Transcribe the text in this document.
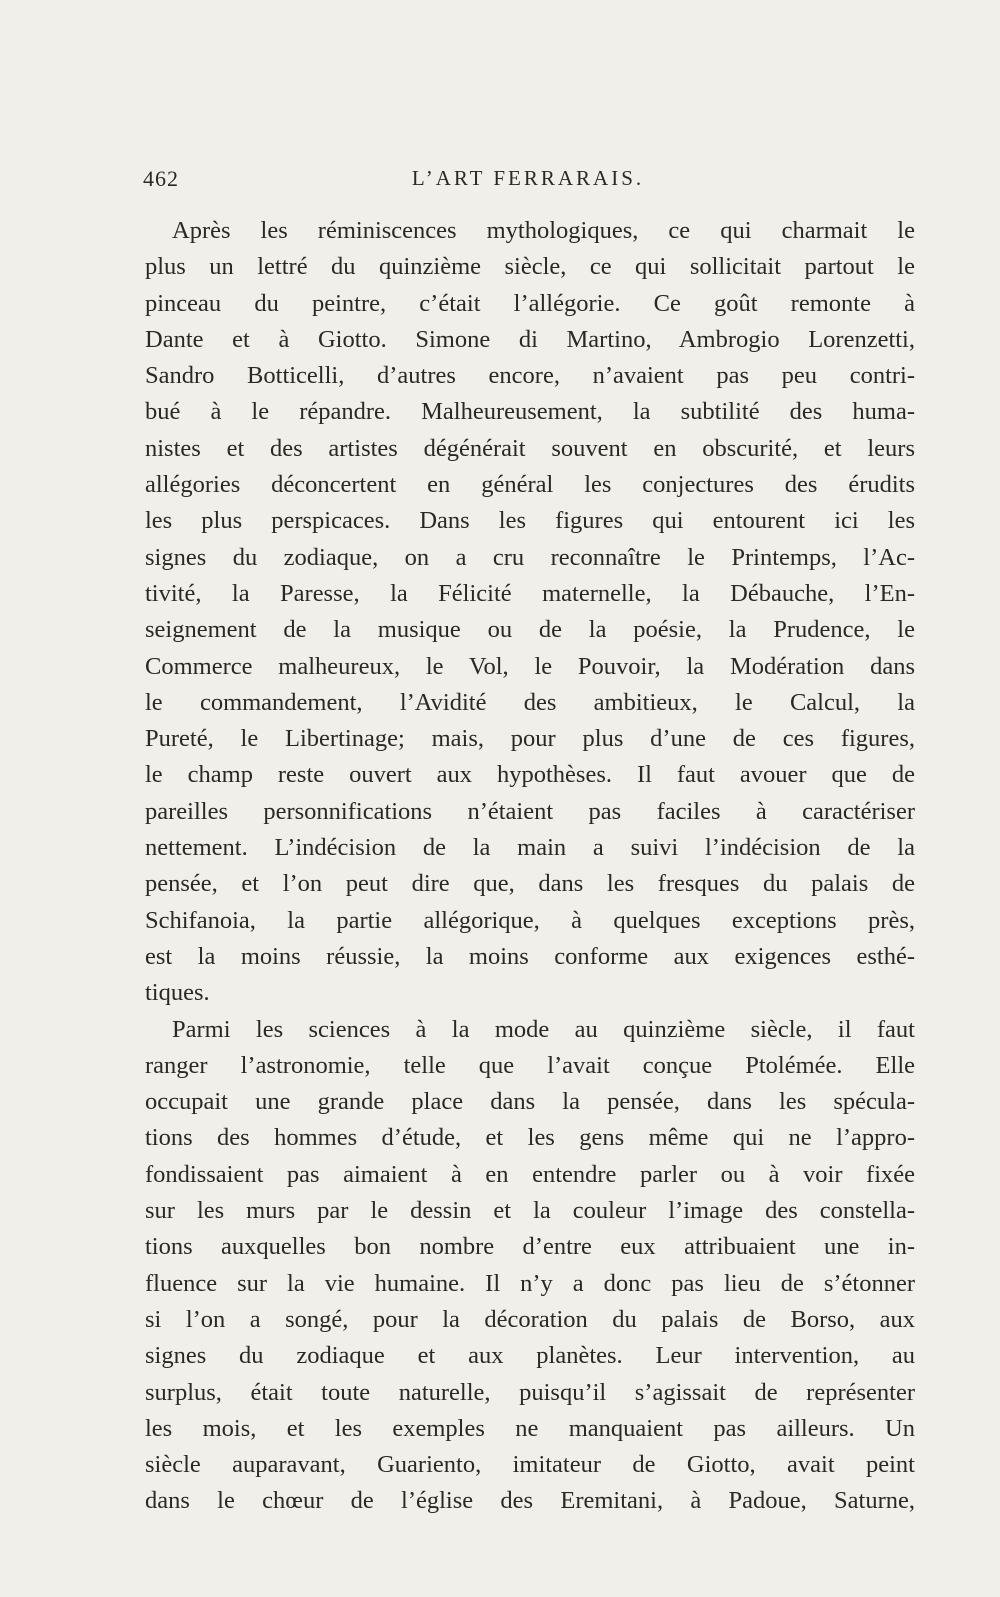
462	L’ART FERRARAIS.
Après les réminiscences mythologiques, ce qui charmait le
plus un lettré du quinzième siècle, ce qui sollicitait partout le
pinceau du peintre, c’était l’allégorie. Ce goût remonte à
Dante et à Giotto. Simone di Martino, Ambrogio Lorenzetti,
Sandro Botticelli, d’autres encore, n’avaient pas peu contri-
bué à le répandre. Malheureusement, la subtilité des huma-
nistes et des artistes dégénérait souvent en obscurité, et leurs
allégories déconcertent en général les conjectures des érudits
les plus perspicaces. Dans les figures qui entourent ici les
signes du zodiaque, on a cru reconnaître le Printemps, l’Ac-
tivité, la Paresse, la Félicité maternelle, la Débauche, l’En-
seignement de la musique ou de la poésie, la Prudence, le
Commerce malheureux, le Vol, le Pouvoir, la Modération dans
le commandement, l’Avidité des ambitieux, le Calcul, la
Pureté, le Libertinage; mais, pour plus d’une de ces figures,
le champ reste ouvert aux hypothèses. Il faut avouer que de
pareilles personnifications n’étaient pas faciles à caractériser
nettement. L’indécision de la main a suivi l’indécision de la
pensée, et l’on peut dire que, dans les fresques du palais de
Schifanoia, la partie allégorique, à quelques exceptions près,
est la moins réussie, la moins conforme aux exigences esthé-
tiques.
Parmi les sciences à la mode au quinzième siècle, il faut
ranger l’astronomie, telle que l’avait conçue Ptolémée. Elle
occupait une grande place dans la pensée, dans les spécula-
tions des hommes d’étude, et les gens même qui ne l’appro-
fondissaient pas aimaient à en entendre parler ou à voir fixée
sur les murs par le dessin et la couleur l’image des constella-
tions auxquelles bon nombre d’entre eux attribuaient une in-
fluence sur la vie humaine. Il n’y a donc pas lieu de s’étonner
si l’on a songé, pour la décoration du palais de Borso, aux
signes du zodiaque et aux planètes. Leur intervention, au
surplus, était toute naturelle, puisqu’il s’agissait de représenter
les mois, et les exemples ne manquaient pas ailleurs. Un
siècle auparavant, Guariento, imitateur de Giotto, avait peint
dans le chœur de l’église des Eremitani, à Padoue, Saturne,
